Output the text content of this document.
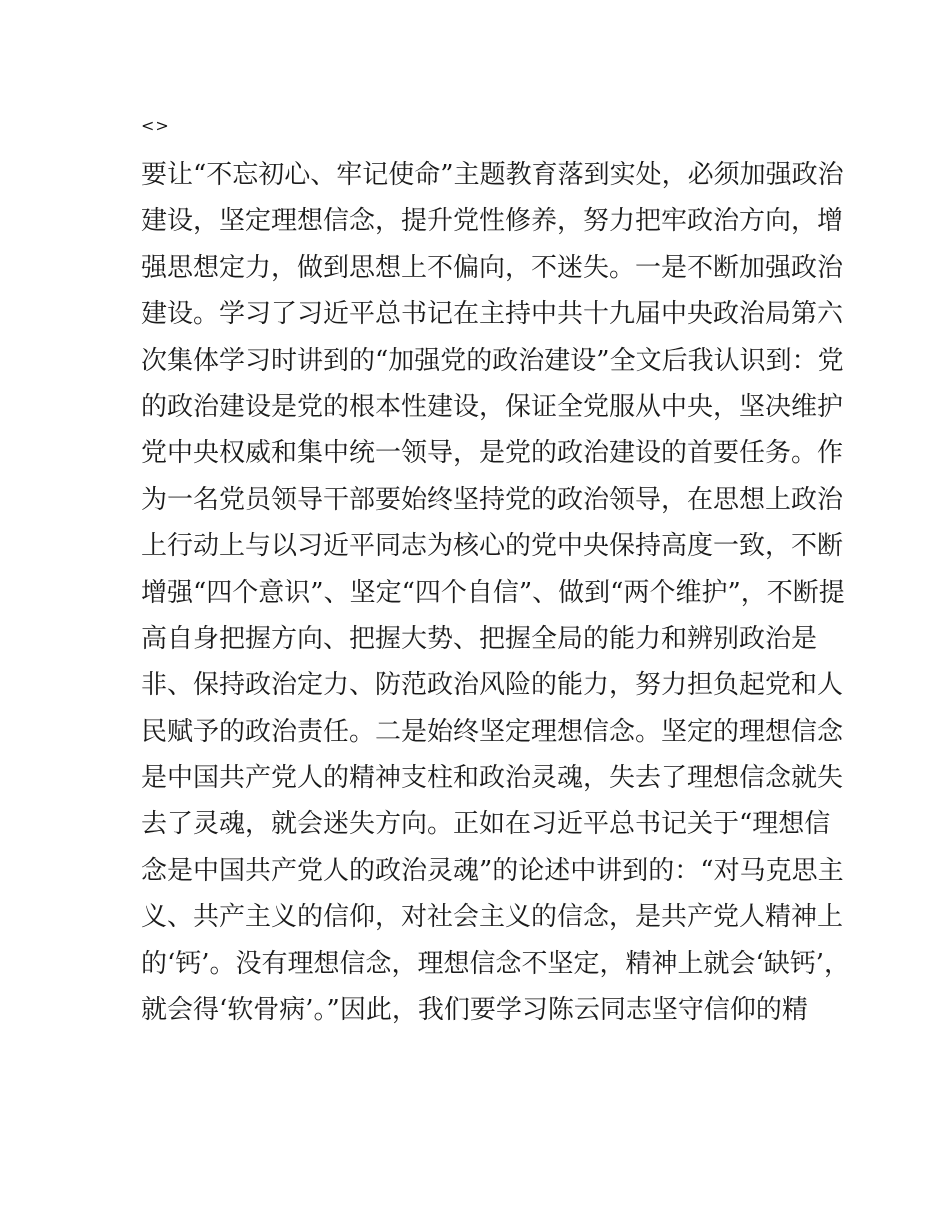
<>
要让“不忘初心、牢记使命”主题教育落到实处，必须加强政治
建设，坚定理想信念，提升党性修养，努力把牢政治方向，增
强思想定力，做到思想上不偏向，不迷失。一是不断加强政治
建设。学习了习近平总书记在主持中共十九届中央政治局第六
次集体学习时讲到的“加强党的政治建设”全文后我认识到：党
的政治建设是党的根本性建设，保证全党服从中央，坚决维护
党中央权威和集中统一领导，是党的政治建设的首要任务。作
为一名党员领导干部要始终坚持党的政治领导，在思想上政治
上行动上与以习近平同志为核心的党中央保持高度一致，不断
增强“四个意识”、坚定“四个自信”、做到“两个维护”，不断提
高自身把握方向、把握大势、把握全局的能力和辨别政治是
非、保持政治定力、防范政治风险的能力，努力担负起党和人
民赋予的政治责任。二是始终坚定理想信念。坚定的理想信念
是中国共产党人的精神支柱和政治灵魂，失去了理想信念就失
去了灵魂，就会迷失方向。正如在习近平总书记关于“理想信
念是中国共产党人的政治灵魂”的论述中讲到的：“对马克思主
义、共产主义的信仰，对社会主义的信念，是共产党人精神上
的‘钙’。没有理想信念，理想信念不坚定，精神上就会‘缺钙’，
就会得‘软骨病’。”因此，我们要学习陈云同志坚守信仰的精
